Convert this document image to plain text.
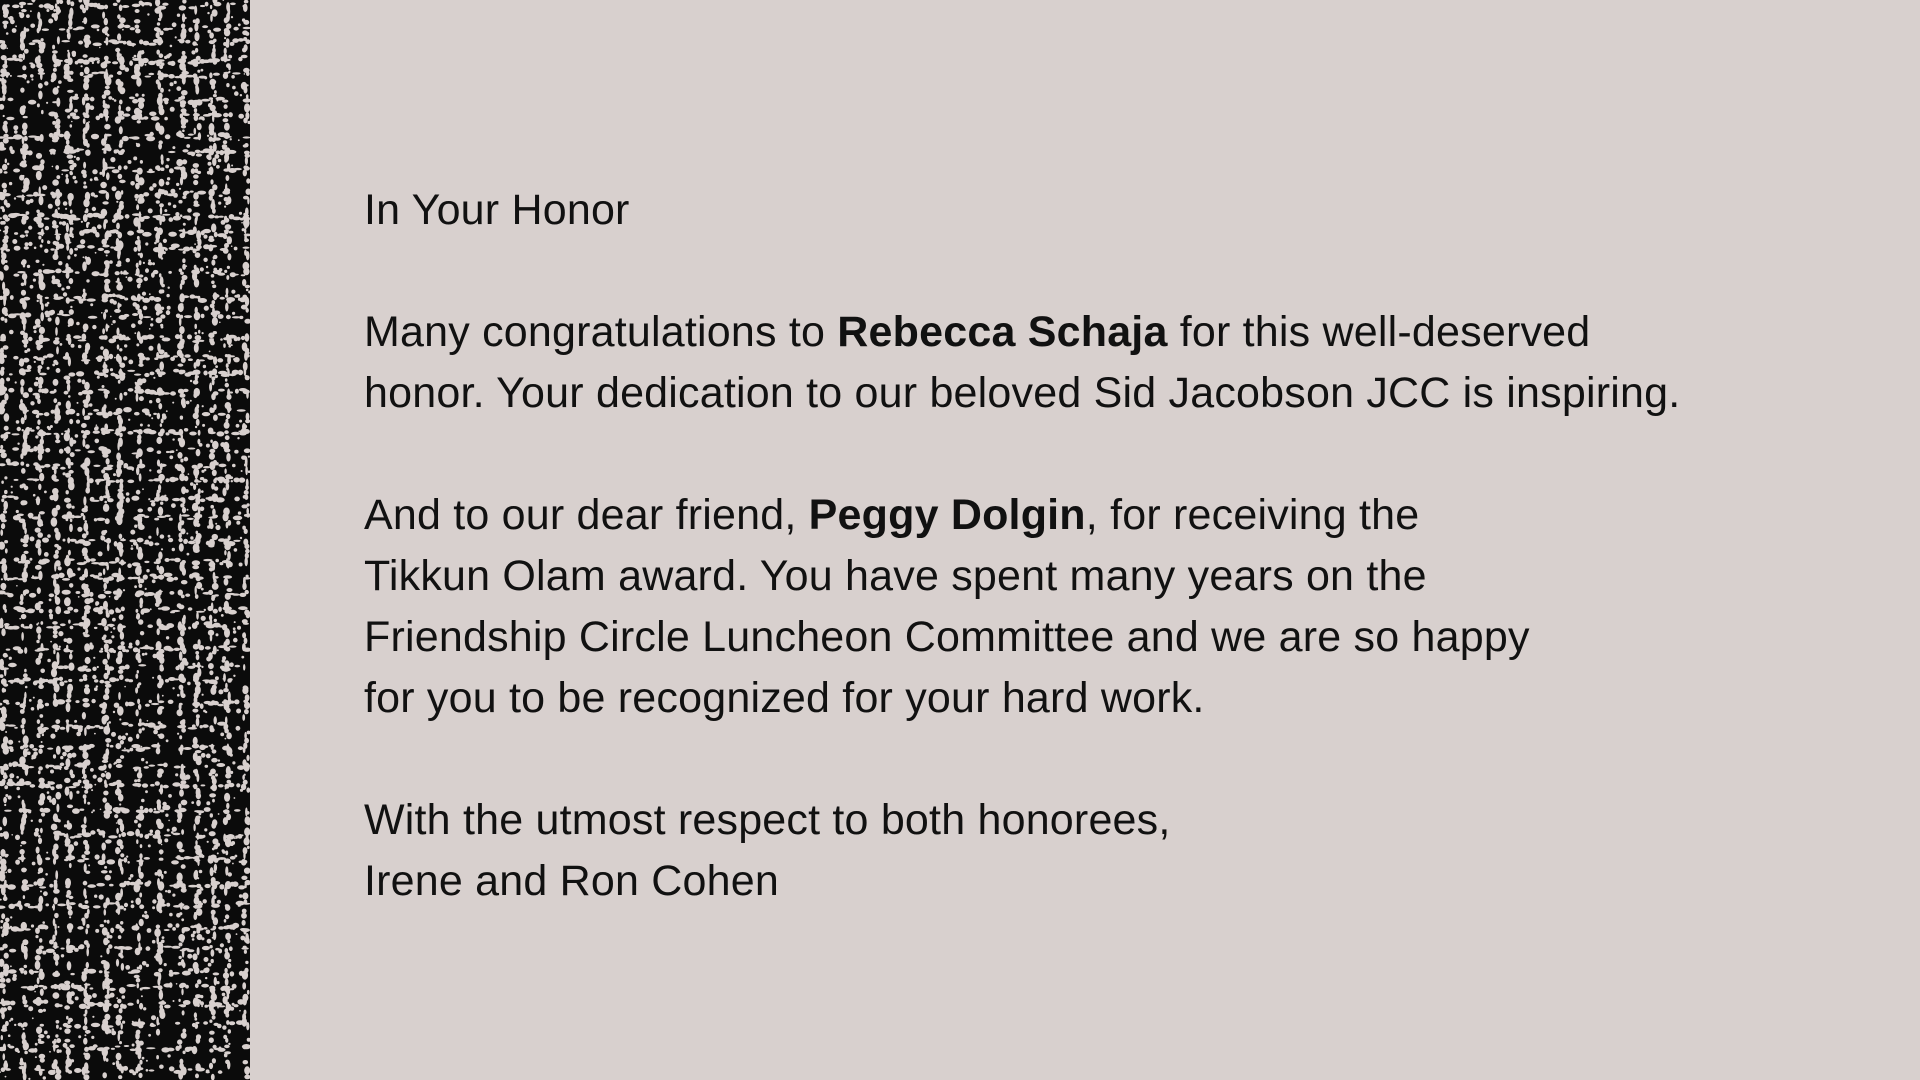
In Your Honor

Many congratulations to Rebecca Schaja for this well-deserved
honor. Your dedication to our beloved Sid Jacobson JCC is inspiring.

And to our dear friend, Peggy Dolgin, for receiving the
Tikkun Olam award. You have spent many years on the
Friendship Circle Luncheon Committee and we are so happy
for you to be recognized for your hard work.

With the utmost respect to both honorees,
Irene and Ron Cohen
